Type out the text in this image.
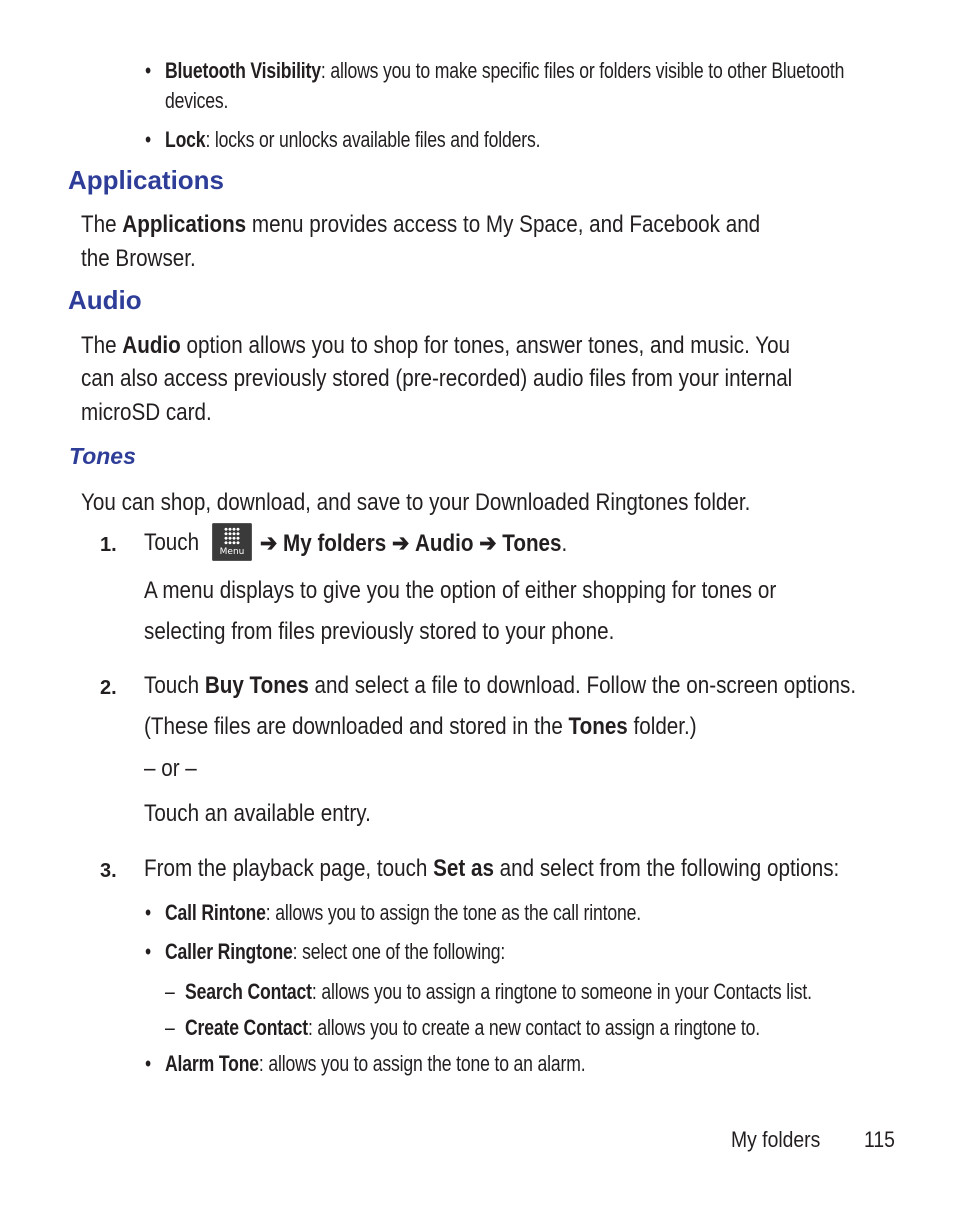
• Bluetooth Visibility: allows you to make specific files or folders visible to other Bluetooth
devices.
• Lock: locks or unlocks available files and folders.
Applications
The Applications menu provides access to My Space, and Facebook and
the Browser.
Audio
The Audio option allows you to shop for tones, answer tones, and music. You
can also access previously stored (pre-recorded) audio files from your internal
microSD card.
Tones
You can shop, download, and save to your Downloaded Ringtones folder.
1. Touch	Menu ➔ My folders ➔ Audio ➔ Tones.
A menu displays to give you the option of either shopping for tones or
selecting from files previously stored to your phone.
2. Touch Buy Tones and select a file to download. Follow the on-screen options.
(These files are downloaded and stored in the Tones folder.)
– or –
Touch an available entry.
3. From the playback page, touch Set as and select from the following options:
• Call Rintone: allows you to assign the tone as the call rintone.
• Caller Ringtone: select one of the following:
– Search Contact: allows you to assign a ringtone to someone in your Contacts list.
– Create Contact: allows you to create a new contact to assign a ringtone to.
• Alarm Tone: allows you to assign the tone to an alarm.
My folders 115
